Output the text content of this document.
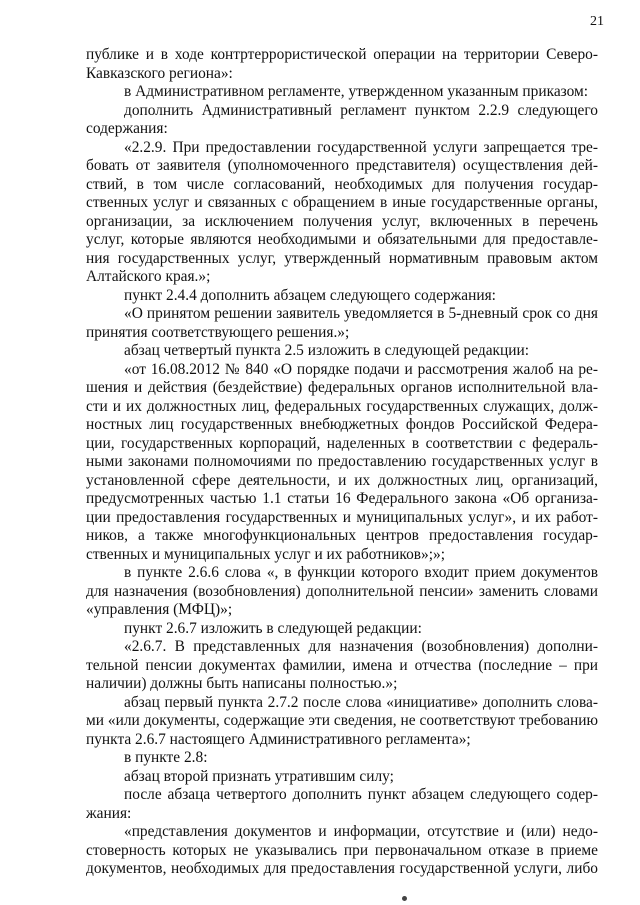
21
публике и в ходе контртеррористической операции на территории Северо-
Кавказского региона»:
в Административном регламенте, утвержденном указанным приказом:
дополнить Административный регламент пунктом 2.2.9 следующего
содержания:
«2.2.9. При предоставлении государственной услуги запрещается тре-
бовать от заявителя (уполномоченного представителя) осуществления дей-
ствий, в том числе согласований, необходимых для получения государ-
ственных услуг и связанных с обращением в иные государственные органы,
организации, за исключением получения услуг, включенных в перечень
услуг, которые являются необходимыми и обязательными для предоставле-
ния государственных услуг, утвержденный нормативным правовым актом
Алтайского края.»;
пункт 2.4.4 дополнить абзацем следующего содержания:
«О принятом решении заявитель уведомляется в 5-дневный срок со дня
принятия соответствующего решения.»;
абзац четвертый пункта 2.5 изложить в следующей редакции:
«от 16.08.2012 № 840 «О порядке подачи и рассмотрения жалоб на ре-
шения и действия (бездействие) федеральных органов исполнительной вла-
сти и их должностных лиц, федеральных государственных служащих, долж-
ностных лиц государственных внебюджетных фондов Российской Федера-
ции, государственных корпораций, наделенных в соответствии с федераль-
ными законами полномочиями по предоставлению государственных услуг в
установленной сфере деятельности, и их должностных лиц, организаций,
предусмотренных частью 1.1 статьи 16 Федерального закона «Об организа-
ции предоставления государственных и муниципальных услуг», и их работ-
ников, а также многофункциональных центров предоставления государ-
ственных и муниципальных услуг и их работников»;»;
в пункте 2.6.6 слова «, в функции которого входит прием документов
для назначения (возобновления) дополнительной пенсии» заменить словами
«управления (МФЦ)»;
пункт 2.6.7 изложить в следующей редакции:
«2.6.7. В представленных для назначения (возобновления) дополни-
тельной пенсии документах фамилии, имена и отчества (последние – при
наличии) должны быть написаны полностью.»;
абзац первый пункта 2.7.2 после слова «инициативе» дополнить слова-
ми «или документы, содержащие эти сведения, не соответствуют требованию
пункта 2.6.7 настоящего Административного регламента»;
в пункте 2.8:
абзац второй признать утратившим силу;
после абзаца четвертого дополнить пункт абзацем следующего содер-
жания:
«представления документов и информации, отсутствие и (или) недо-
стоверность которых не указывались при первоначальном отказе в приеме
документов, необходимых для предоставления государственной услуги, либо
